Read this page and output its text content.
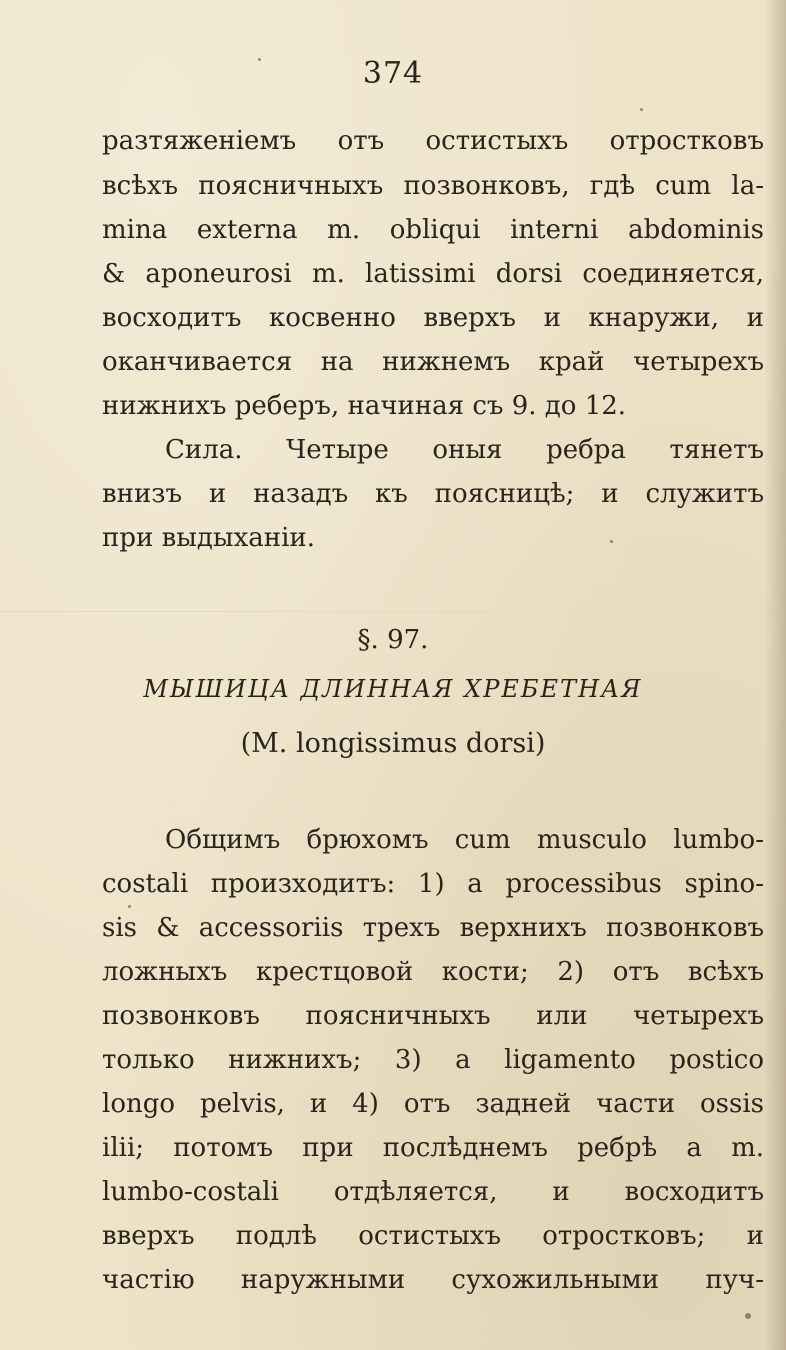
374
разтяженіемъ отъ остистыхъ отростковъ
всѣхъ поясничныхъ позвонковъ, гдѣ cum la-
mina externa m. obliqui interni abdominis
& aponeurosi m. latissimi dorsi соединяется,
восходитъ косвенно вверхъ и кнаружи, и
оканчивается на нижнемъ край четырехъ
нижнихъ реберъ, начиная съ 9. до 12.
Сила. Четыре оныя ребра тянетъ
внизъ и назадъ къ поясницѣ; и служитъ
при выдыханіи.
§. 97.
МЫШИЦА ДЛИННАЯ ХРЕБЕТНАЯ
(M. longissimus dorsi)
Общимъ брюхомъ cum musculo lumbo-
costali произходитъ: 1) a processibus spino-
sis & accessoriis трехъ верхнихъ позвонковъ
ложныхъ крестцовой кости; 2) отъ всѣхъ
позвонковъ поясничныхъ или четырехъ
только нижнихъ; 3) a ligamento postico
longo pelvis, и 4) отъ задней части ossis
ilii; потомъ при послѣднемъ ребрѣ a m.
lumbo-costali отдѣляется, и восходитъ
вверхъ подлѣ остистыхъ отростковъ; и
частію наружными сухожильными пуч-
